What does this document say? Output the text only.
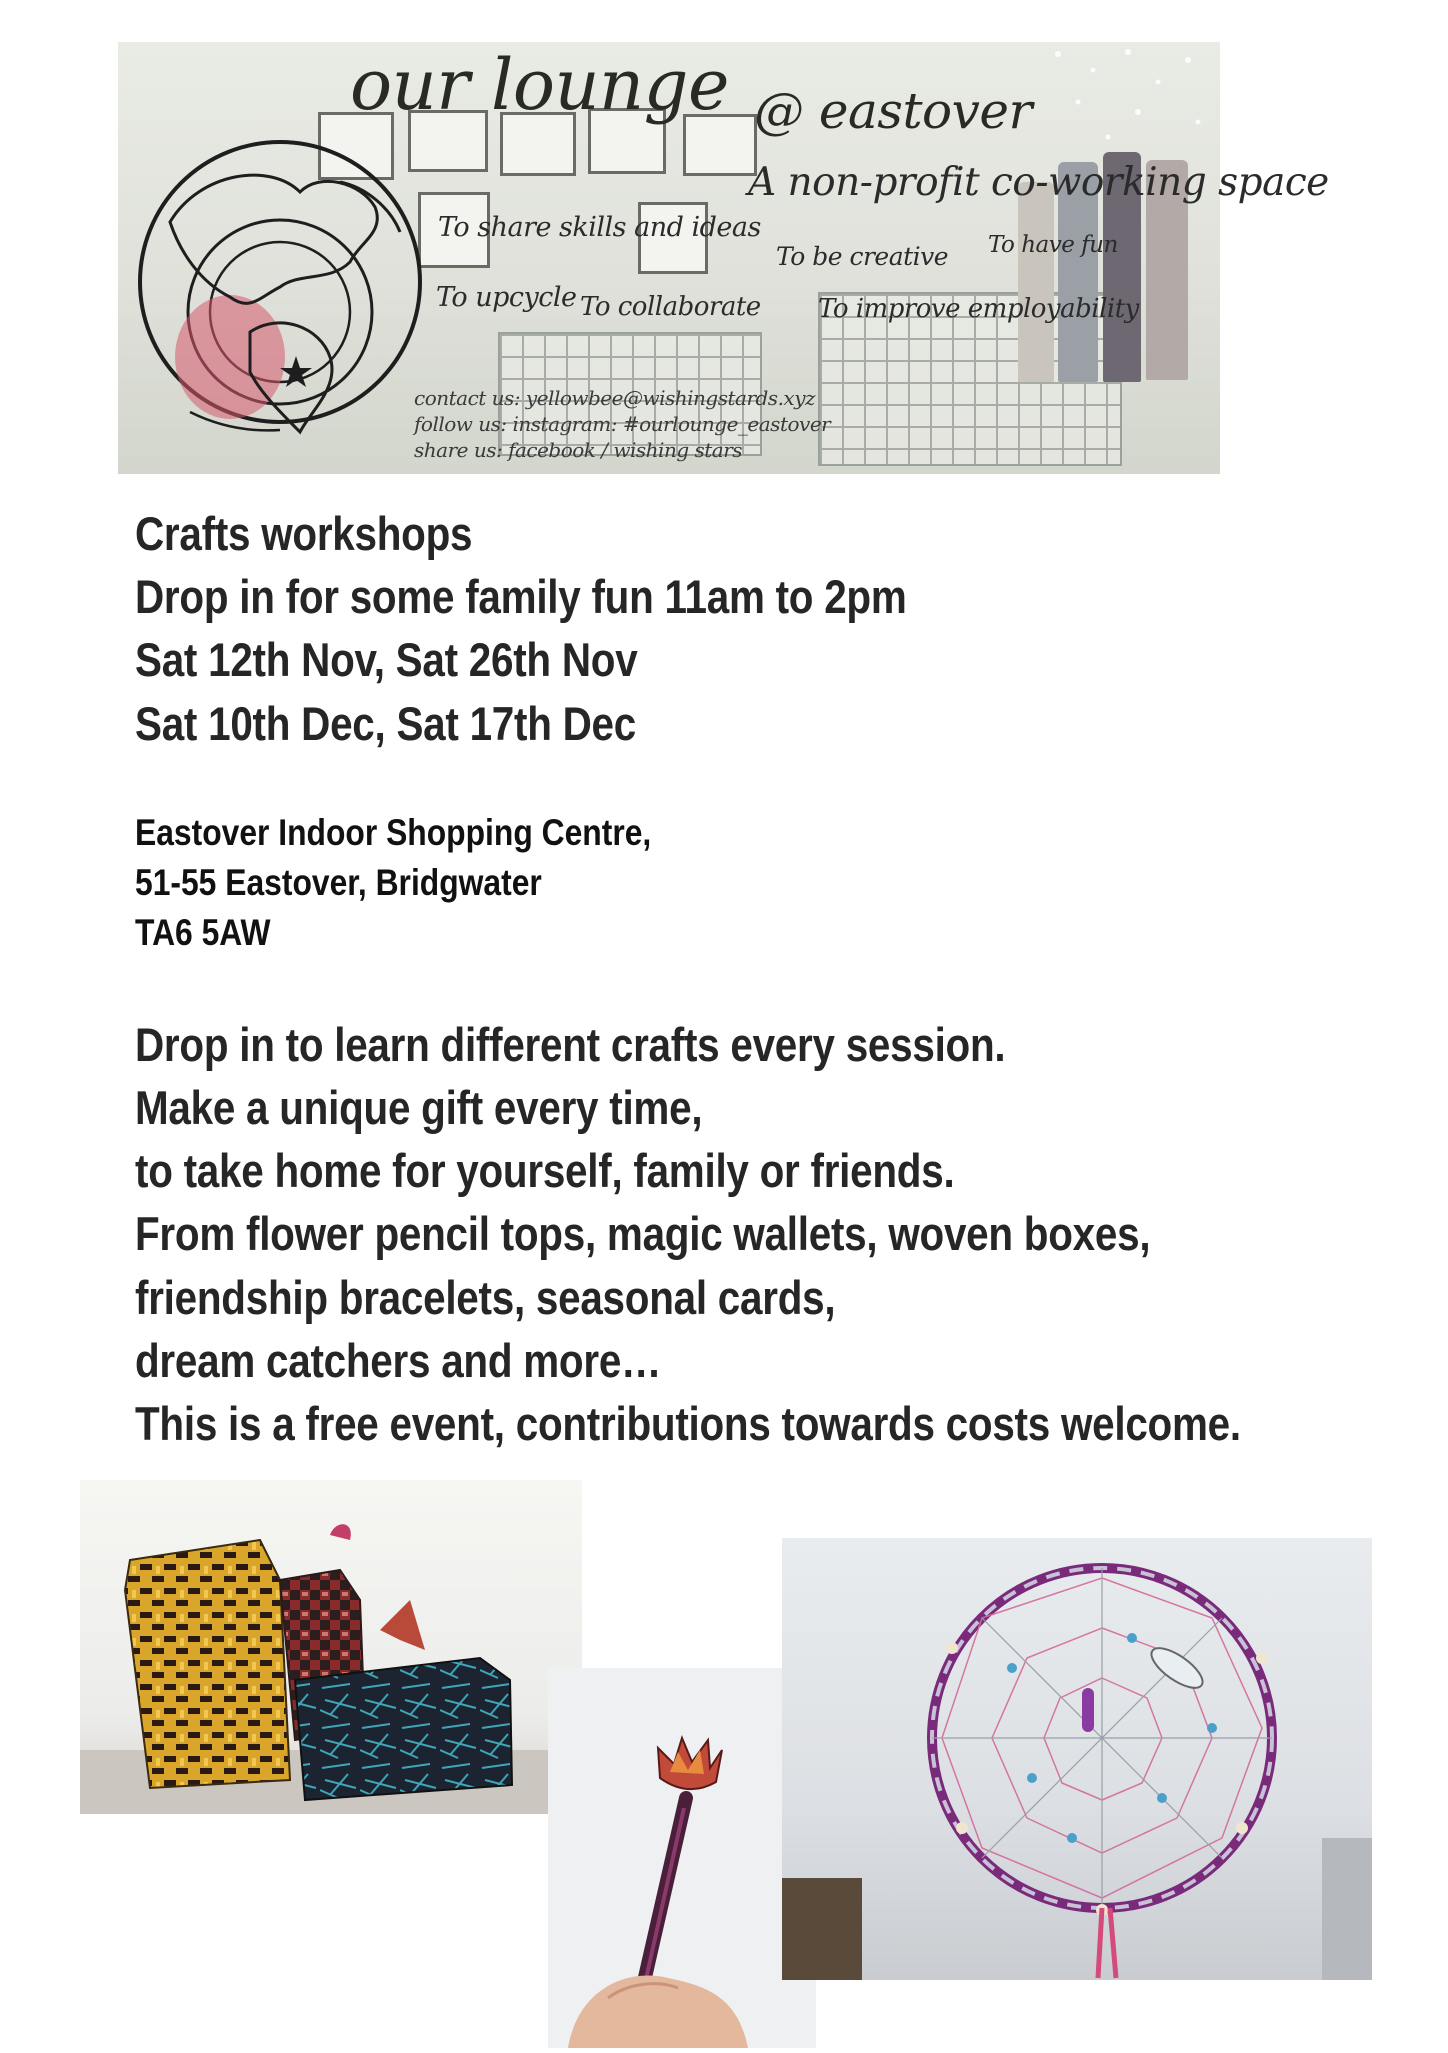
our lounge @ eastover
A non-profit co-working space
To share skills and ideas
To be creative To have fun
To upcycle To collaborate To improve employability
contact us: yellowbee@wishingstards.xyz
follow us: instagram: #ourlounge_eastover
share us: facebook / wishing stars
Crafts workshops
Drop in for some family fun 11am to 2pm
Sat 12th Nov, Sat 26th Nov
Sat 10th Dec, Sat 17th Dec
Eastover Indoor Shopping Centre,
51-55 Eastover, Bridgwater
TA6 5AW
Drop in to learn different crafts every session.
Make a unique gift every time,
to take home for yourself, family or friends.
From flower pencil tops, magic wallets, woven boxes,
friendship bracelets, seasonal cards,
dream catchers and more…
This is a free event, contributions towards costs welcome.
